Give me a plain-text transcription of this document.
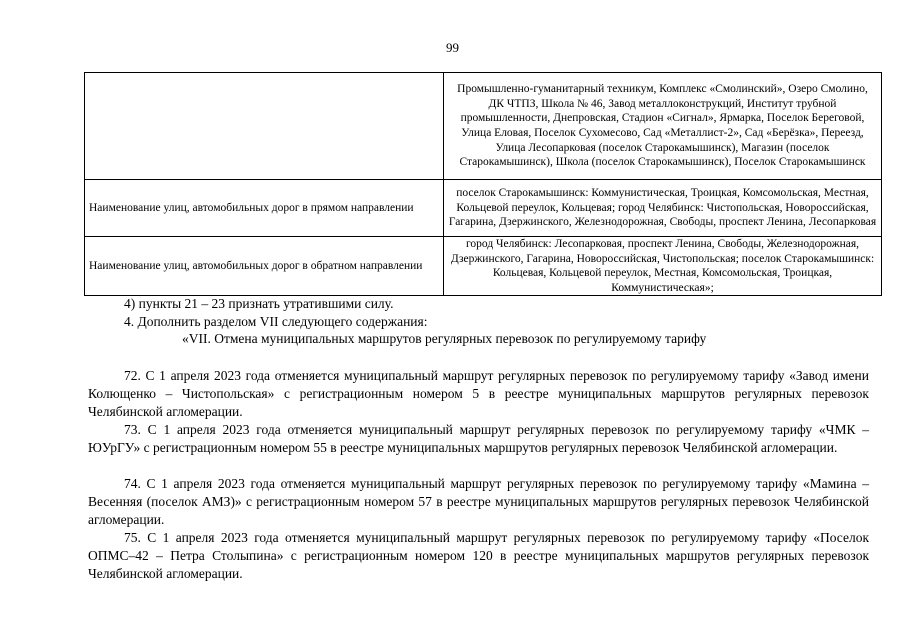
99
	Промышленно-гуманитарный техникум, Комплекс «Смолинский», Озеро Смолино, ДК ЧТПЗ, Школа № 46, Завод металлоконструкций, Институт трубной промышленности, Днепровская, Стадион «Сигнал», Ярмарка, Поселок Береговой, Улица Еловая, Поселок Сухомесово, Сад «Металлист-2», Сад «Берёзка», Переезд, Улица Лесопарковая (поселок Старокамышинск), Магазин (поселок Старокамышинск), Школа (поселок Старокамышинск), Поселок Старокамышинск
Наименование улиц, автомобильных дорог в прямом направлении	поселок Старокамышинск: Коммунистическая, Троицкая, Комсомольская, Местная, Кольцевой переулок, Кольцевая; город Челябинск: Чистопольская, Новороссийская, Гагарина, Дзержинского, Железнодорожная, Свободы, проспект Ленина, Лесопарковая
Наименование улиц, автомобильных дорог в обратном направлении	город Челябинск: Лесопарковая, проспект Ленина, Свободы, Железнодорожная, Дзержинского, Гагарина, Новороссийская, Чистопольская; поселок Старокамышинск: Кольцевая, Кольцевой переулок, Местная, Комсомольская, Троицкая, Коммунистическая»;
4) пункты 21 – 23 признать утратившими силу.
4. Дополнить разделом VII следующего содержания:
«VII. Отмена муниципальных маршрутов регулярных перевозок по регулируемому тарифу

72. С 1 апреля 2023 года отменяется муниципальный маршрут регулярных перевозок по регулируемому тарифу «Завод имени Колющенко – Чистопольская» с регистрационным номером 5 в реестре муниципальных маршрутов регулярных перевозок Челябинской агломерации.

73. С 1 апреля 2023 года отменяется муниципальный маршрут регулярных перевозок по регулируемому тарифу «ЧМК – ЮУрГУ» с регистрационным номером 55 в реестре муниципальных маршрутов регулярных перевозок Челябинской агломерации.

74. С 1 апреля 2023 года отменяется муниципальный маршрут регулярных перевозок по регулируемому тарифу «Мамина – Весенняя (поселок АМЗ)» с регистрационным номером 57 в реестре муниципальных маршрутов регулярных перевозок Челябинской агломерации.

75. С 1 апреля 2023 года отменяется муниципальный маршрут регулярных перевозок по регулируемому тарифу «Поселок ОПМС–42 – Петра Столыпина» с регистрационным номером 120 в реестре муниципальных маршрутов регулярных перевозок Челябинской агломерации.
